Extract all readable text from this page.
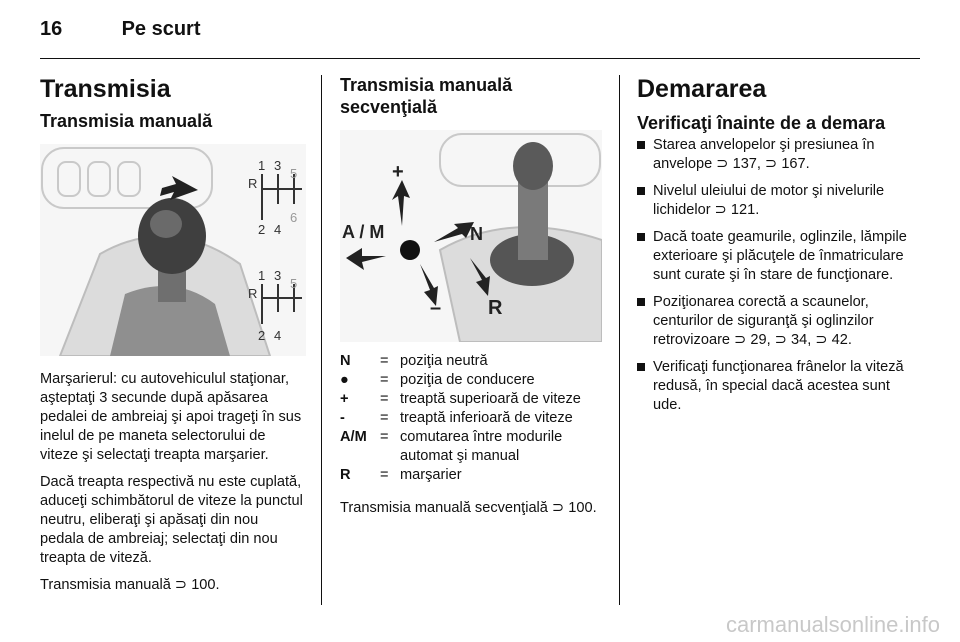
16	Pe scurt
Transmisia
Transmisia manuală
R
1 3
5
2 4
6
R
1 3
5
2 4

Marşarierul: cu autovehiculul staţionar, aşteptaţi 3 secunde după apăsarea pedalei de ambreiaj şi apoi trageţi în sus inelul de pe maneta selectorului de viteze şi selectaţi treapta marşarier.

Dacă treapta respectivă nu este cuplată, aduceţi schimbătorul de viteze la punctul neutru, eliberaţi şi apăsaţi din nou pedala de ambreiaj; selectaţi din nou treapta de viteză.

Transmisia manuală ⊃ 100.

Transmisia manuală
secvenţială
+
A / M	N
– R
N	=	poziţia neutră
●	=	poziţia de conducere
+	=	treaptă superioară de viteze
-	=	treaptă inferioară de viteze
A/M	=	comutarea între modurile automat şi manual
R	=	marşarier

Transmisia manuală secvenţială ⊃ 100.

Demararea
Verificaţi înainte de a demara
Starea anvelopelor şi presiunea în anvelope ⊃ 137, ⊃ 167.
Nivelul uleiului de motor şi nivelurile lichidelor ⊃ 121.
Dacă toate geamurile, oglinzile, lămpile exterioare şi plăcuţele de înmatriculare sunt curate şi în stare de funcţionare.
Poziţionarea corectă a scaunelor, centurilor de siguranţă şi oglinzilor retrovizoare ⊃ 29, ⊃ 34, ⊃ 42.
Verificaţi funcţionarea frânelor la viteză redusă, în special dacă acestea sunt ude.
carmanualsonline.info
